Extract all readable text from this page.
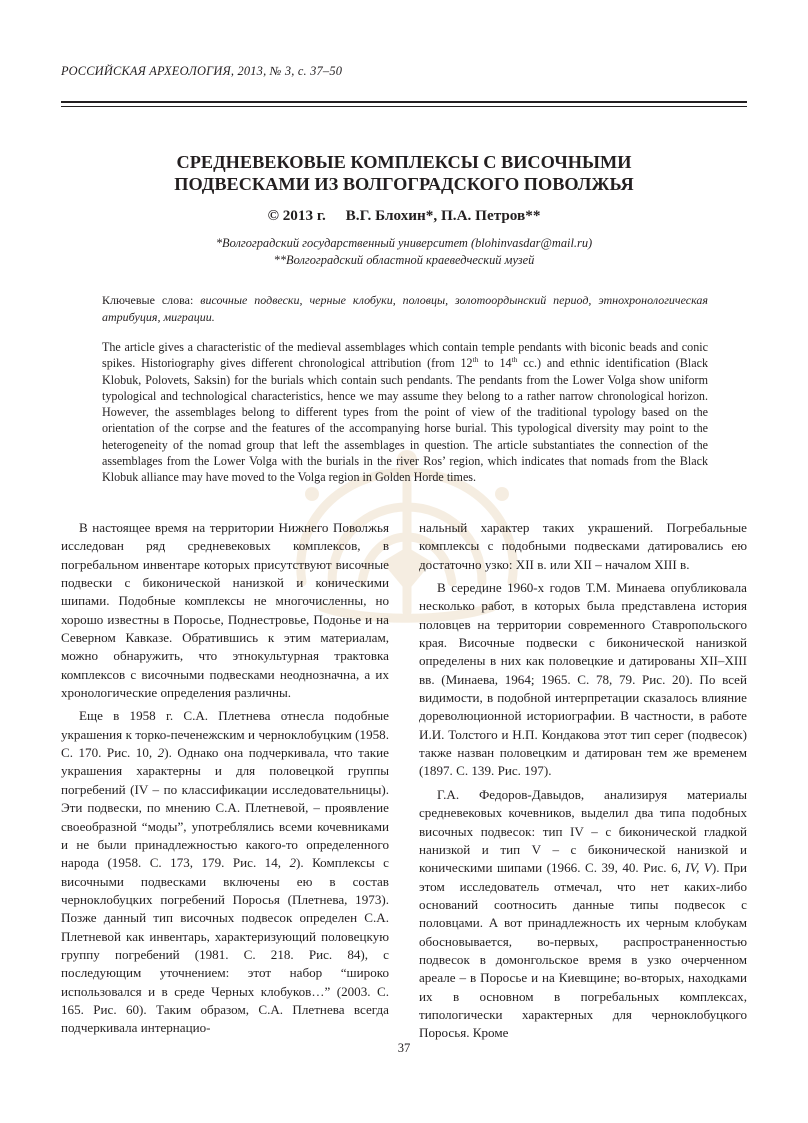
РОССИЙСКАЯ АРХЕОЛОГИЯ, 2013, № 3, с. 37–50
СРЕДНЕВЕКОВЫЕ КОМПЛЕКСЫ С ВИСОЧНЫМИ
ПОДВЕСКАМИ ИЗ ВОЛГОГРАДСКОГО ПОВОЛЖЬЯ
© 2013 г. В.Г. Блохин*, П.А. Петров**
*Волгоградский государственный университет (blohinvasdar@mail.ru)
**Волгоградский областной краеведческий музей
Ключевые слова: височные подвески, черные клобуки, половцы, золотоордынский период, этнохронологическая атрибуция, миграции.
The article gives a characteristic of the medieval assemblages which contain temple pendants with biconic beads and conic spikes. Historiography gives different chronological attribution (from 12th to 14th cc.) and ethnic identification (Black Klobuk, Polovets, Saksin) for the burials which contain such pendants. The pendants from the Lower Volga show uniform typological and technological characteristics, hence we may assume they belong to a rather narrow chronological horizon. However, the assemblages belong to different types from the point of view of the traditional typology based on the orientation of the corpse and the features of the accompanying horse burial. This typological diversity may point to the heterogeneity of the nomad group that left the assemblages in question. The article substantiates the connection of the assemblages from the Lower Volga with the burials in the river Ros’ region, which indicates that nomads from the Black Klobuk alliance may have moved to the Volga region in Golden Horde times.

В настоящее время на территории Нижнего Поволжья исследован ряд средневековых комплексов, в погребальном инвентаре которых присутствуют височные подвески с биконической нанизкой и коническими шипами. Подобные комплексы не многочисленны, но хорошо известны в Поросье, Поднестровье, Подонье и на Северном Кавказе. Обратившись к этим материалам, можно обнаружить, что этнокультурная трактовка комплексов с височными подвесками неоднозначна, а их хронологические определения различны.

Еще в 1958 г. С.А. Плетнева отнесла подобные украшения к торко-печенежским и черноклобуцким (1958. С. 170. Рис. 10, 2). Однако она подчеркивала, что такие украшения характерны и для половецкой группы погребений (IV – по классификации исследовательницы). Эти подвески, по мнению С.А. Плетневой, – проявление своеобразной “моды”, употреблялись всеми кочевниками и не были принадлежностью какого-то определенного народа (1958. С. 173, 179. Рис. 14, 2). Комплексы с височными подвесками включены ею в состав черноклобуцких погребений Поросья (Плетнева, 1973). Позже данный тип височных подвесок определен С.А. Плетневой как инвентарь, характеризующий половецкую группу погребений (1981. С. 218. Рис. 84), с последующим уточнением: этот набор “широко использовался и в среде Черных клобуков…” (2003. С. 165. Рис. 60). Таким образом, С.А. Плетнева всегда подчеркивала интернацио-

нальный характер таких украшений. Погребальные комплексы с подобными подвесками датировались ею достаточно узко: XII в. или XII – началом XIII в.

В середине 1960-х годов Т.М. Минаева опубликовала несколько работ, в которых была представлена история половцев на территории современного Ставропольского края. Височные подвески с биконической нанизкой определены в них как половецкие и датированы XII–XIII вв. (Минаева, 1964; 1965. С. 78, 79. Рис. 20). По всей видимости, в подобной интерпретации сказалось влияние дореволюционной историографии. В частности, в работе И.И. Толстого и Н.П. Кондакова этот тип серег (подвесок) также назван половецким и датирован тем же временем (1897. С. 139. Рис. 197).

Г.А. Федоров-Давыдов, анализируя материалы средневековых кочевников, выделил два типа подобных височных подвесок: тип IV – с биконической гладкой нанизкой и тип V – с биконической нанизкой и коническими шипами (1966. С. 39, 40. Рис. 6, IV, V). При этом исследователь отмечал, что нет каких-либо оснований соотносить данные типы подвесок с половцами. А вот принадлежность их черным клобукам обосновывается, во-первых, распространенностью подвесок в домонгольское время в узко очерченном ареале – в Поросье и на Киевщине; во-вторых, находками их в основном в погребальных комплексах, типологически характерных для черноклобуцкого Поросья. Кроме

37
